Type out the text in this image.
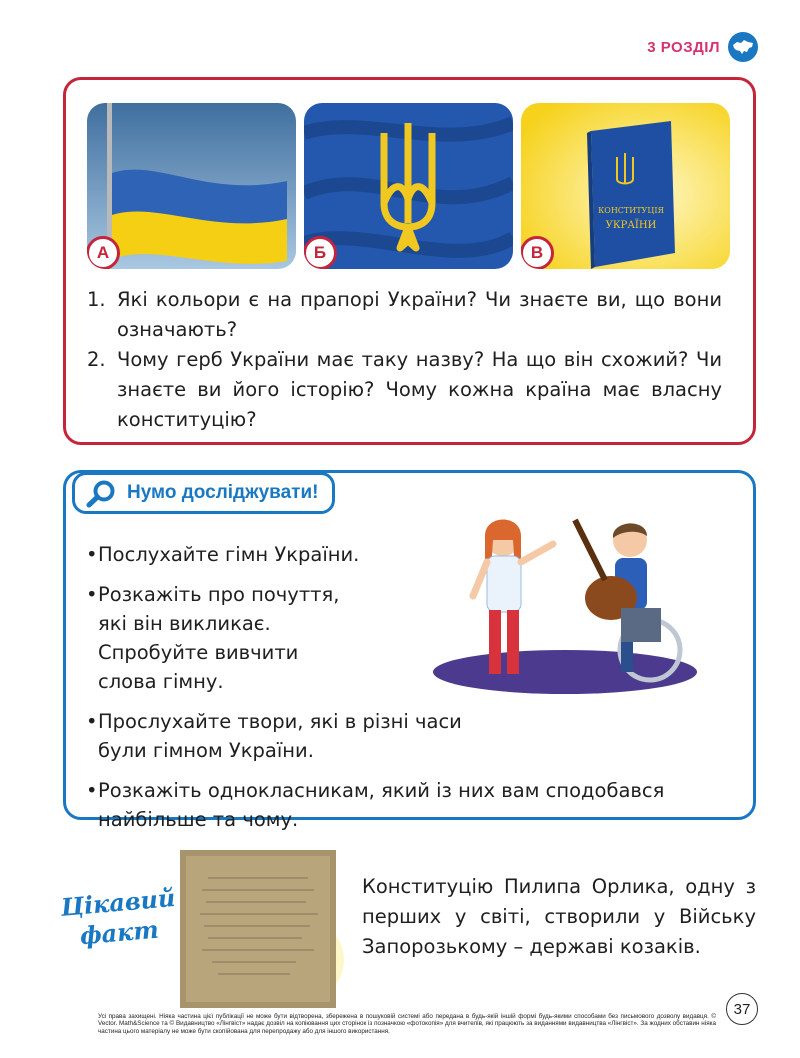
3 РОЗДІЛ
А	Б
КОНСТИТУЦІЯ
УКРАЇНИ
В
1. Які кольори є на прапорі України? Чи знаєте ви, що вони означають?
2. Чому герб України має таку назву? На що він схожий? Чи знаєте ви його історію? Чому кожна країна має власну конституцію?
Нумо досліджувати!
• Послухайте гімн України.
• Розкажіть про почуття, які він викликає. Спробуйте вивчити слова гімну.
• Прослухайте твори, які в різні часи були гімном України.
• Розкажіть однокласникам, який із них вам сподобався найбільше та чому.
Цікавий
факт
Конституцію Пилипа Орлика, одну з перших у світі, створили у Війську Запорозькому – державі козаків.
37
Усі права захищені. Ніяка частина цієї публікації не може бути відтворена, збережена в пошуковій системі або передана в будь-якій іншій формі будь-якими способами без письмового дозволу видавця. © Vector. Math&Science та © Видавництво «Лінгвіст» надає дозвіл на копіювання цих сторінок із позначкою «фотокопія» для вчителів, які працюють за виданнями видавництва «Лінгвіст». За жодних обставин ніяка частина цього матеріалу не може бути скопійована для перепродажу або для іншого використання.
